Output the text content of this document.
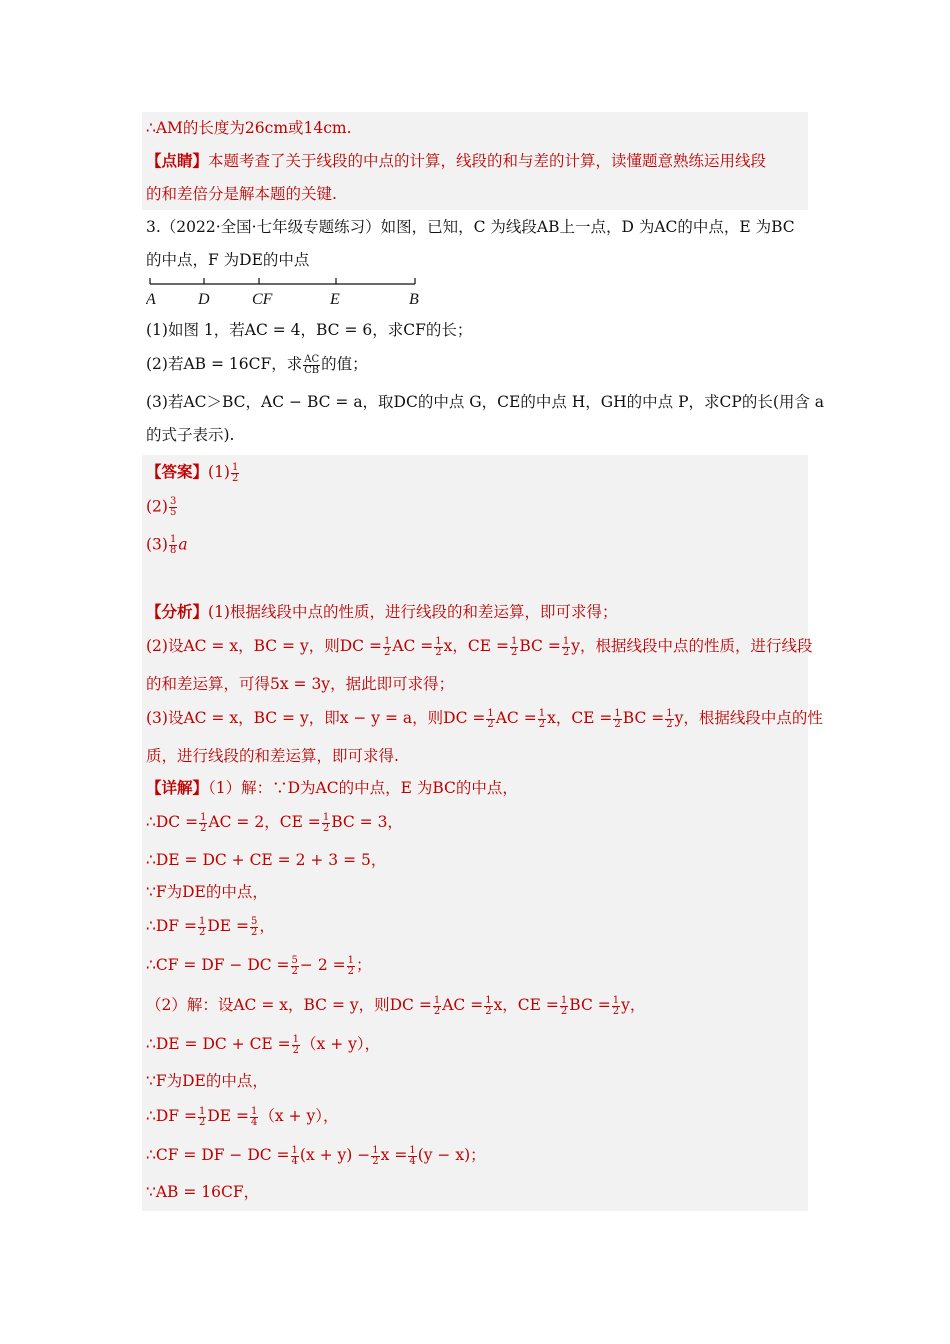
∴AM的长度为26cm或14cm.
【点睛】本题考查了关于线段的中点的计算，线段的和与差的计算，读懂题意熟练运用线段
的和差倍分是解本题的关键.
3.（2022·全国·七年级专题练习）如图，已知，C 为线段AB上一点，D 为AC的中点，E 为BC
的中点，F 为DE的中点
A	D	CF	E	B
(1)如图 1，若AC = 4，BC = 6，求CF的长；
(2)若AB = 16CF，求 $\frac{AC}{CB}$ 的值；
(3)若AC＞BC，AC − BC = a，取DC的中点 G，CE的中点 H，GH的中点 P，求CP的长(用含 a
的式子表示).
【答案】$(1) \frac{1}{2}$
$(2) \frac{3}{5}$
$(3) \frac{1}{8}$ a
【分析】(1)根据线段中点的性质，进行线段的和差运算，即可求得；
(2)设AC = x，BC = y，则DC = $\frac{1}{2}$ AC = $\frac{1}{2}$ x，CE = $\frac{1}{2}$ BC = $\frac{1}{2}$ y，根据线段中点的性质，进行线段
的和差运算，可得5x = 3y，据此即可求得；
(3)设AC = x，BC = y，即x − y = a，则DC = $\frac{1}{2}$ AC = $\frac{1}{2}$ x，CE = $\frac{1}{2}$ BC = $\frac{1}{2}$ y，根据线段中点的性
质，进行线段的和差运算，即可求得.
【详解】（1）解：∵D为AC的中点，E 为BC的中点，
∴DC = $\frac{1}{2}$ AC = 2，CE = $\frac{1}{2}$ BC = 3，
∴DE = DC + CE = 2 + 3 = 5，
∵F为DE的中点，
∴DF = $\frac{1}{2}$ DE = $\frac{5}{2}$ ，
∴CF = DF − DC = $\frac{5}{2} - 2 = \frac{1}{2}$ ；
（2）解：设AC = x，BC = y，则DC = $\frac{1}{2}$ AC = $\frac{1}{2}$ x，CE = $\frac{1}{2}$ BC = $\frac{1}{2}$ y，
∴DE = DC + CE = $\frac{1}{2} (x + y)$，
∵F为DE的中点，
∴DF = $\frac{1}{2}$ DE = $\frac{1}{4} (x + y)$，
∴CF = DF − DC = $\frac{1}{4} (x + y) - \frac{1}{2}$ $x = \frac{1}{4} (y - x)$；
∵AB = 16CF，
